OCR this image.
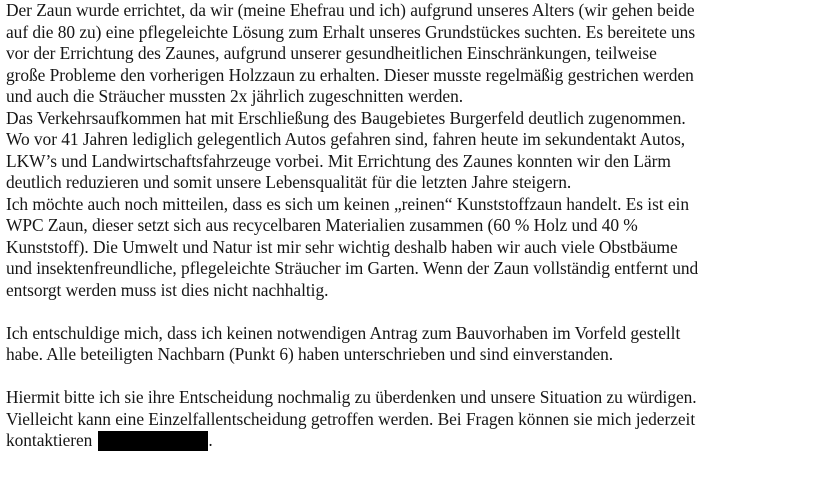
Der Zaun wurde errichtet, da wir (meine Ehefrau und ich) aufgrund unseres Alters (wir gehen beide
auf die 80 zu) eine pflegeleichte Lösung zum Erhalt unseres Grundstückes suchten. Es bereitete uns
vor der Errichtung des Zaunes, aufgrund unserer gesundheitlichen Einschränkungen, teilweise
große Probleme den vorherigen Holzzaun zu erhalten. Dieser musste regelmäßig gestrichen werden
und auch die Sträucher mussten 2x jährlich zugeschnitten werden.
Das Verkehrsaufkommen hat mit Erschließung des Baugebietes Burgerfeld deutlich zugenommen.
Wo vor 41 Jahren lediglich gelegentlich Autos gefahren sind, fahren heute im sekundentakt Autos,
LKW’s und Landwirtschaftsfahrzeuge vorbei. Mit Errichtung des Zaunes konnten wir den Lärm
deutlich reduzieren und somit unsere Lebensqualität für die letzten Jahre steigern.
Ich möchte auch noch mitteilen, dass es sich um keinen „reinen“ Kunststoffzaun handelt. Es ist ein
WPC Zaun, dieser setzt sich aus recycelbaren Materialien zusammen (60 % Holz und 40 %
Kunststoff). Die Umwelt und Natur ist mir sehr wichtig deshalb haben wir auch viele Obstbäume
und insektenfreundliche, pflegeleichte Sträucher im Garten. Wenn der Zaun vollständig entfernt und
entsorgt werden muss ist dies nicht nachhaltig.
Ich entschuldige mich, dass ich keinen notwendigen Antrag zum Bauvorhaben im Vorfeld gestellt
habe. Alle beteiligten Nachbarn (Punkt 6) haben unterschrieben und sind einverstanden.
Hiermit bitte ich sie ihre Entscheidung nochmalig zu überdenken und unsere Situation zu würdigen.
Vielleicht kann eine Einzelfallentscheidung getroffen werden. Bei Fragen können sie mich jederzeit
kontaktieren	.
